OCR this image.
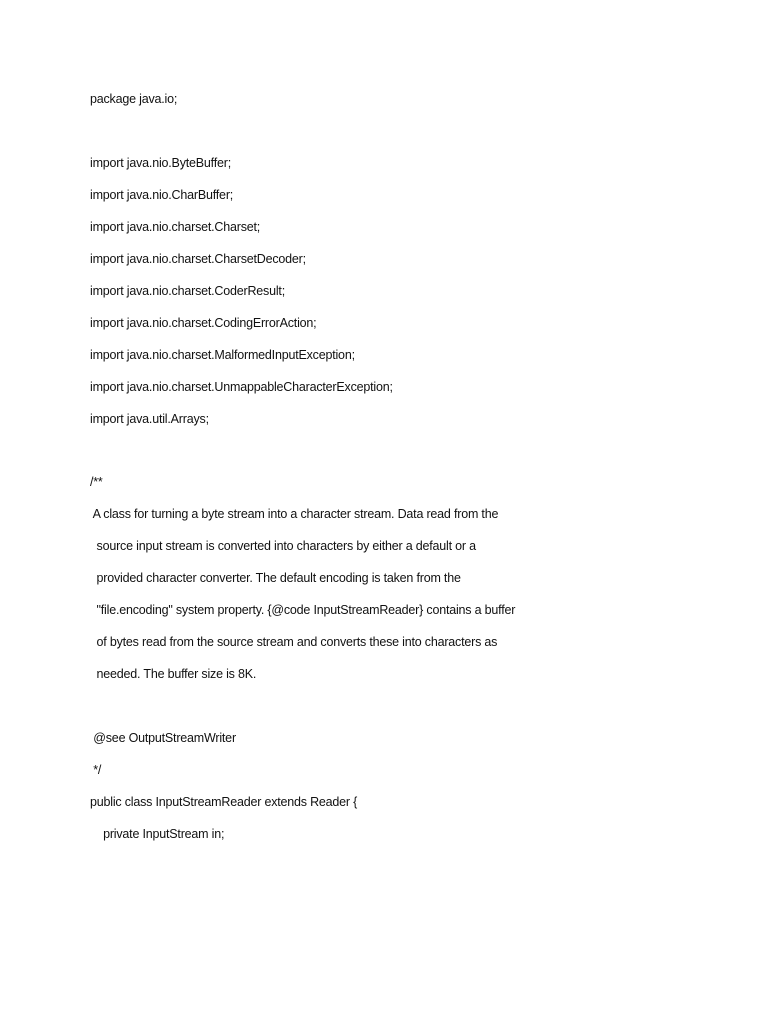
package java.io;
import java.nio.ByteBuffer;
import java.nio.CharBuffer;
import java.nio.charset.Charset;
import java.nio.charset.CharsetDecoder;
import java.nio.charset.CoderResult;
import java.nio.charset.CodingErrorAction;
import java.nio.charset.MalformedInputException;
import java.nio.charset.UnmappableCharacterException;
import java.util.Arrays;
/**
A class for turning a byte stream into a character stream. Data read from the
source input stream is converted into characters by either a default or a
provided character converter. The default encoding is taken from the
"file.encoding" system property. {@code InputStreamReader} contains a buffer
of bytes read from the source stream and converts these into characters as
needed. The buffer size is 8K.
@see OutputStreamWriter
*/
public class InputStreamReader extends Reader {
private InputStream in;
